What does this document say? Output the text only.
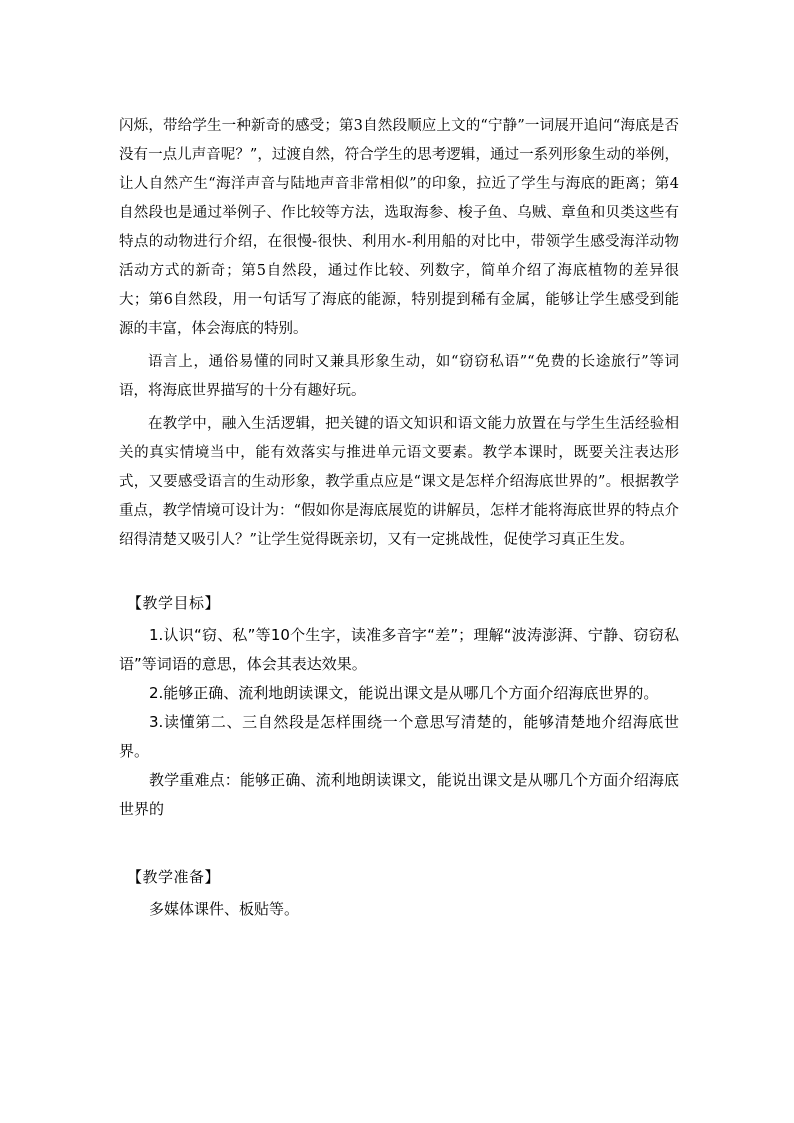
闪烁，带给学生一种新奇的感受；第3自然段顺应上文的“宁静”一词展开追问“海底是否没有一点儿声音呢？”，过渡自然，符合学生的思考逻辑，通过一系列形象生动的举例，让人自然产生“海洋声音与陆地声音非常相似”的印象，拉近了学生与海底的距离；第4自然段也是通过举例子、作比较等方法，选取海参、梭子鱼、乌贼、章鱼和贝类这些有特点的动物进行介绍，在很慢-很快、利用水-利用船的对比中，带领学生感受海洋动物活动方式的新奇；第5自然段，通过作比较、列数字，简单介绍了海底植物的差异很大；第6自然段，用一句话写了海底的能源，特别提到稀有金属，能够让学生感受到能源的丰富，体会海底的特别。

语言上，通俗易懂的同时又兼具形象生动，如“窃窃私语”“免费的长途旅行”等词语，将海底世界描写的十分有趣好玩。

在教学中，融入生活逻辑，把关键的语文知识和语文能力放置在与学生生活经验相关的真实情境当中，能有效落实与推进单元语文要素。教学本课时，既要关注表达形式，又要感受语言的生动形象，教学重点应是“课文是怎样介绍海底世界的”。根据教学重点，教学情境可设计为：“假如你是海底展览的讲解员，怎样才能将海底世界的特点介绍得清楚又吸引人？”让学生觉得既亲切，又有一定挑战性，促使学习真正生发。

【教学目标】

1.认识“窃、私”等10个生字，读准多音字“差”；理解“波涛澎湃、宁静、窃窃私语”等词语的意思，体会其表达效果。

2.能够正确、流利地朗读课文，能说出课文是从哪几个方面介绍海底世界的。

3.读懂第二、三自然段是怎样围绕一个意思写清楚的，能够清楚地介绍海底世界。

教学重难点：能够正确、流利地朗读课文，能说出课文是从哪几个方面介绍海底世界的

【教学准备】

多媒体课件、板贴等。
